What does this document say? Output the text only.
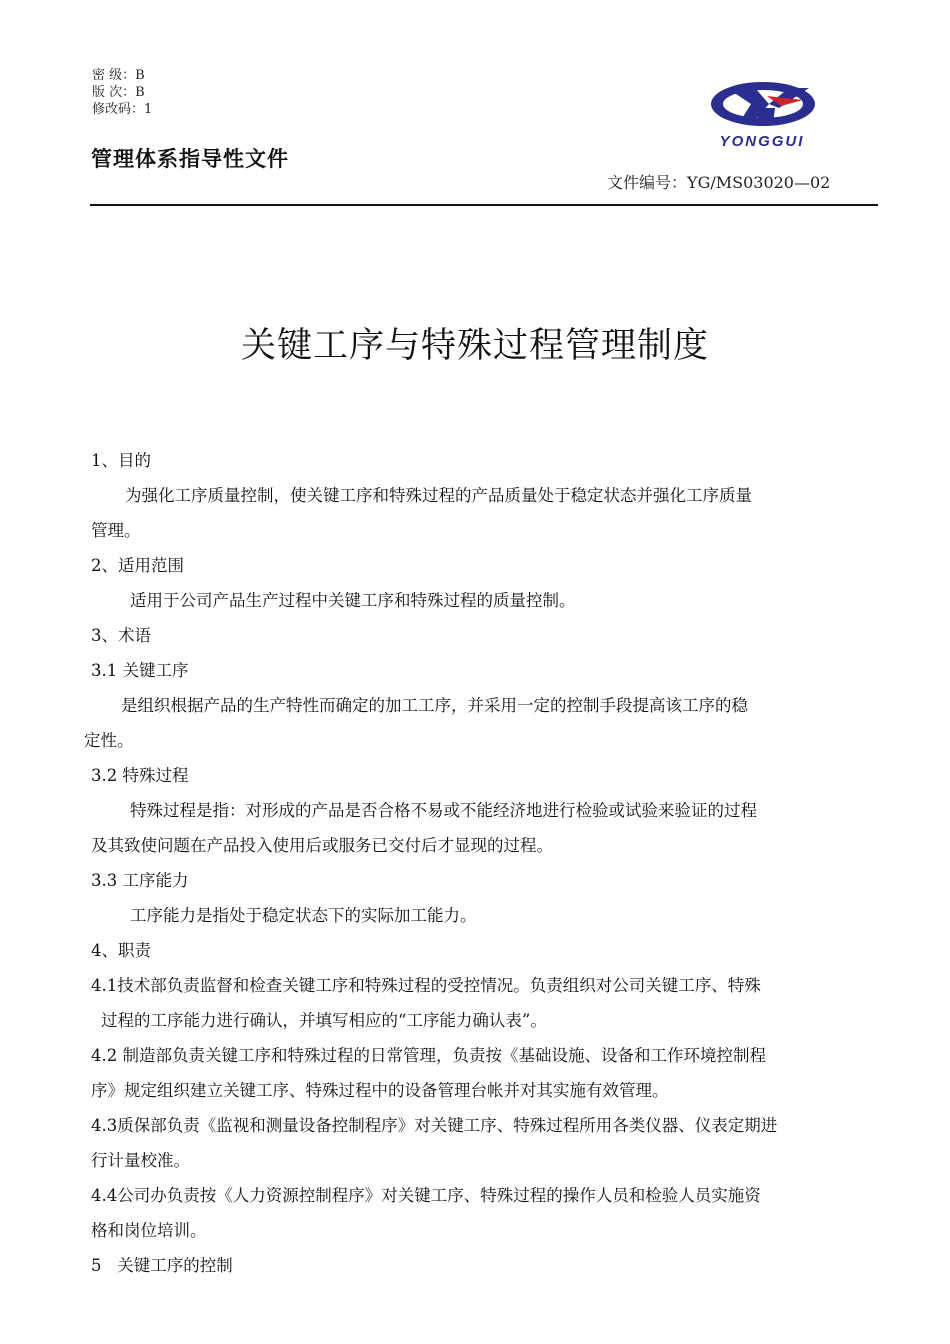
密 级：B
版 次：B
修改码：1
管理体系指导性文件
YONGGUI
文件编号：YG/MS03020—02
关键工序与特殊过程管理制度
1、目的
为强化工序质量控制，使关键工序和特殊过程的产品质量处于稳定状态并强化工序质量
管理。
2、适用范围
适用于公司产品生产过程中关键工序和特殊过程的质量控制。
3、术语
3.1 关键工序
是组织根据产品的生产特性而确定的加工工序，并采用一定的控制手段提高该工序的稳
定性。
3.2 特殊过程
特殊过程是指：对形成的产品是否合格不易或不能经济地进行检验或试验来验证的过程
及其致使问题在产品投入使用后或服务已交付后才显现的过程。
3.3 工序能力
工序能力是指处于稳定状态下的实际加工能力。
4、职责
4.1技术部负责监督和检查关键工序和特殊过程的受控情况。负责组织对公司关键工序、特殊
过程的工序能力进行确认，并填写相应的“工序能力确认表”。
4.2 制造部负责关键工序和特殊过程的日常管理，负责按《基础设施、设备和工作环境控制程
序》规定组织建立关键工序、特殊过程中的设备管理台帐并对其实施有效管理。
4.3质保部负责《监视和测量设备控制程序》对关键工序、特殊过程所用各类仪器、仪表定期进
行计量校准。
4.4公司办负责按《人力资源控制程序》对关键工序、特殊过程的操作人员和检验人员实施资
格和岗位培训。
5   关键工序的控制
